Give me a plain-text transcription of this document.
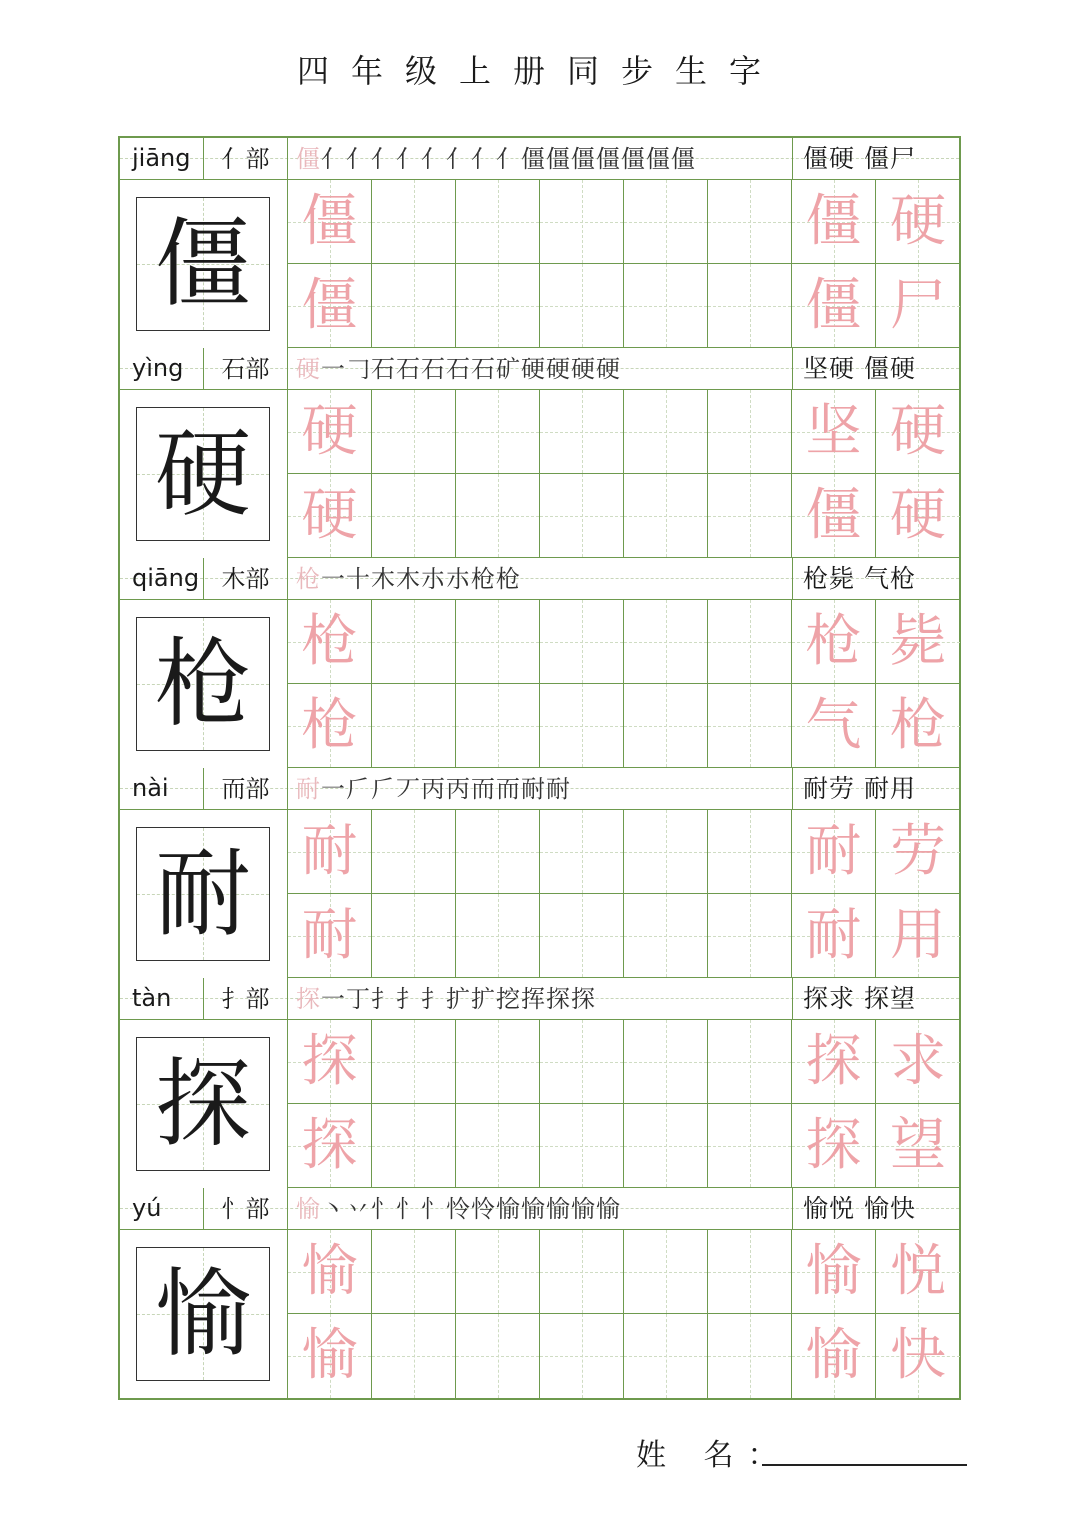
四年级上册同步生字
jiāng	亻部	僵亻亻亻亻亻亻亻亻僵僵僵僵僵僵僵	僵硬 僵尸
僵 僵	僵 硬
僵	僵 尸
yìng	石部	硬一𠃌石石石石石矿硬硬硬硬	坚硬 僵硬
硬 硬	坚 硬
硬	僵 硬
qiāng 木部	枪一十木木朩朩枪枪	枪毙 气枪
枪 枪	枪 毙
枪	气 枪
nài	而部	耐一𠂆𠂆丆丙丙而而耐耐	耐劳 耐用
耐 耐	耐 劳
耐	耐 用
tàn	扌部	探一丁扌扌扌扩扩挖挥探探	探求 探望
探 探	探 求
探	探 望
yú	忄部	愉丶丷忄忄忄怜怜愉愉愉愉愉	愉悦 愉快
愉 愉	愉 悦
愉	愉 快
姓 名：
